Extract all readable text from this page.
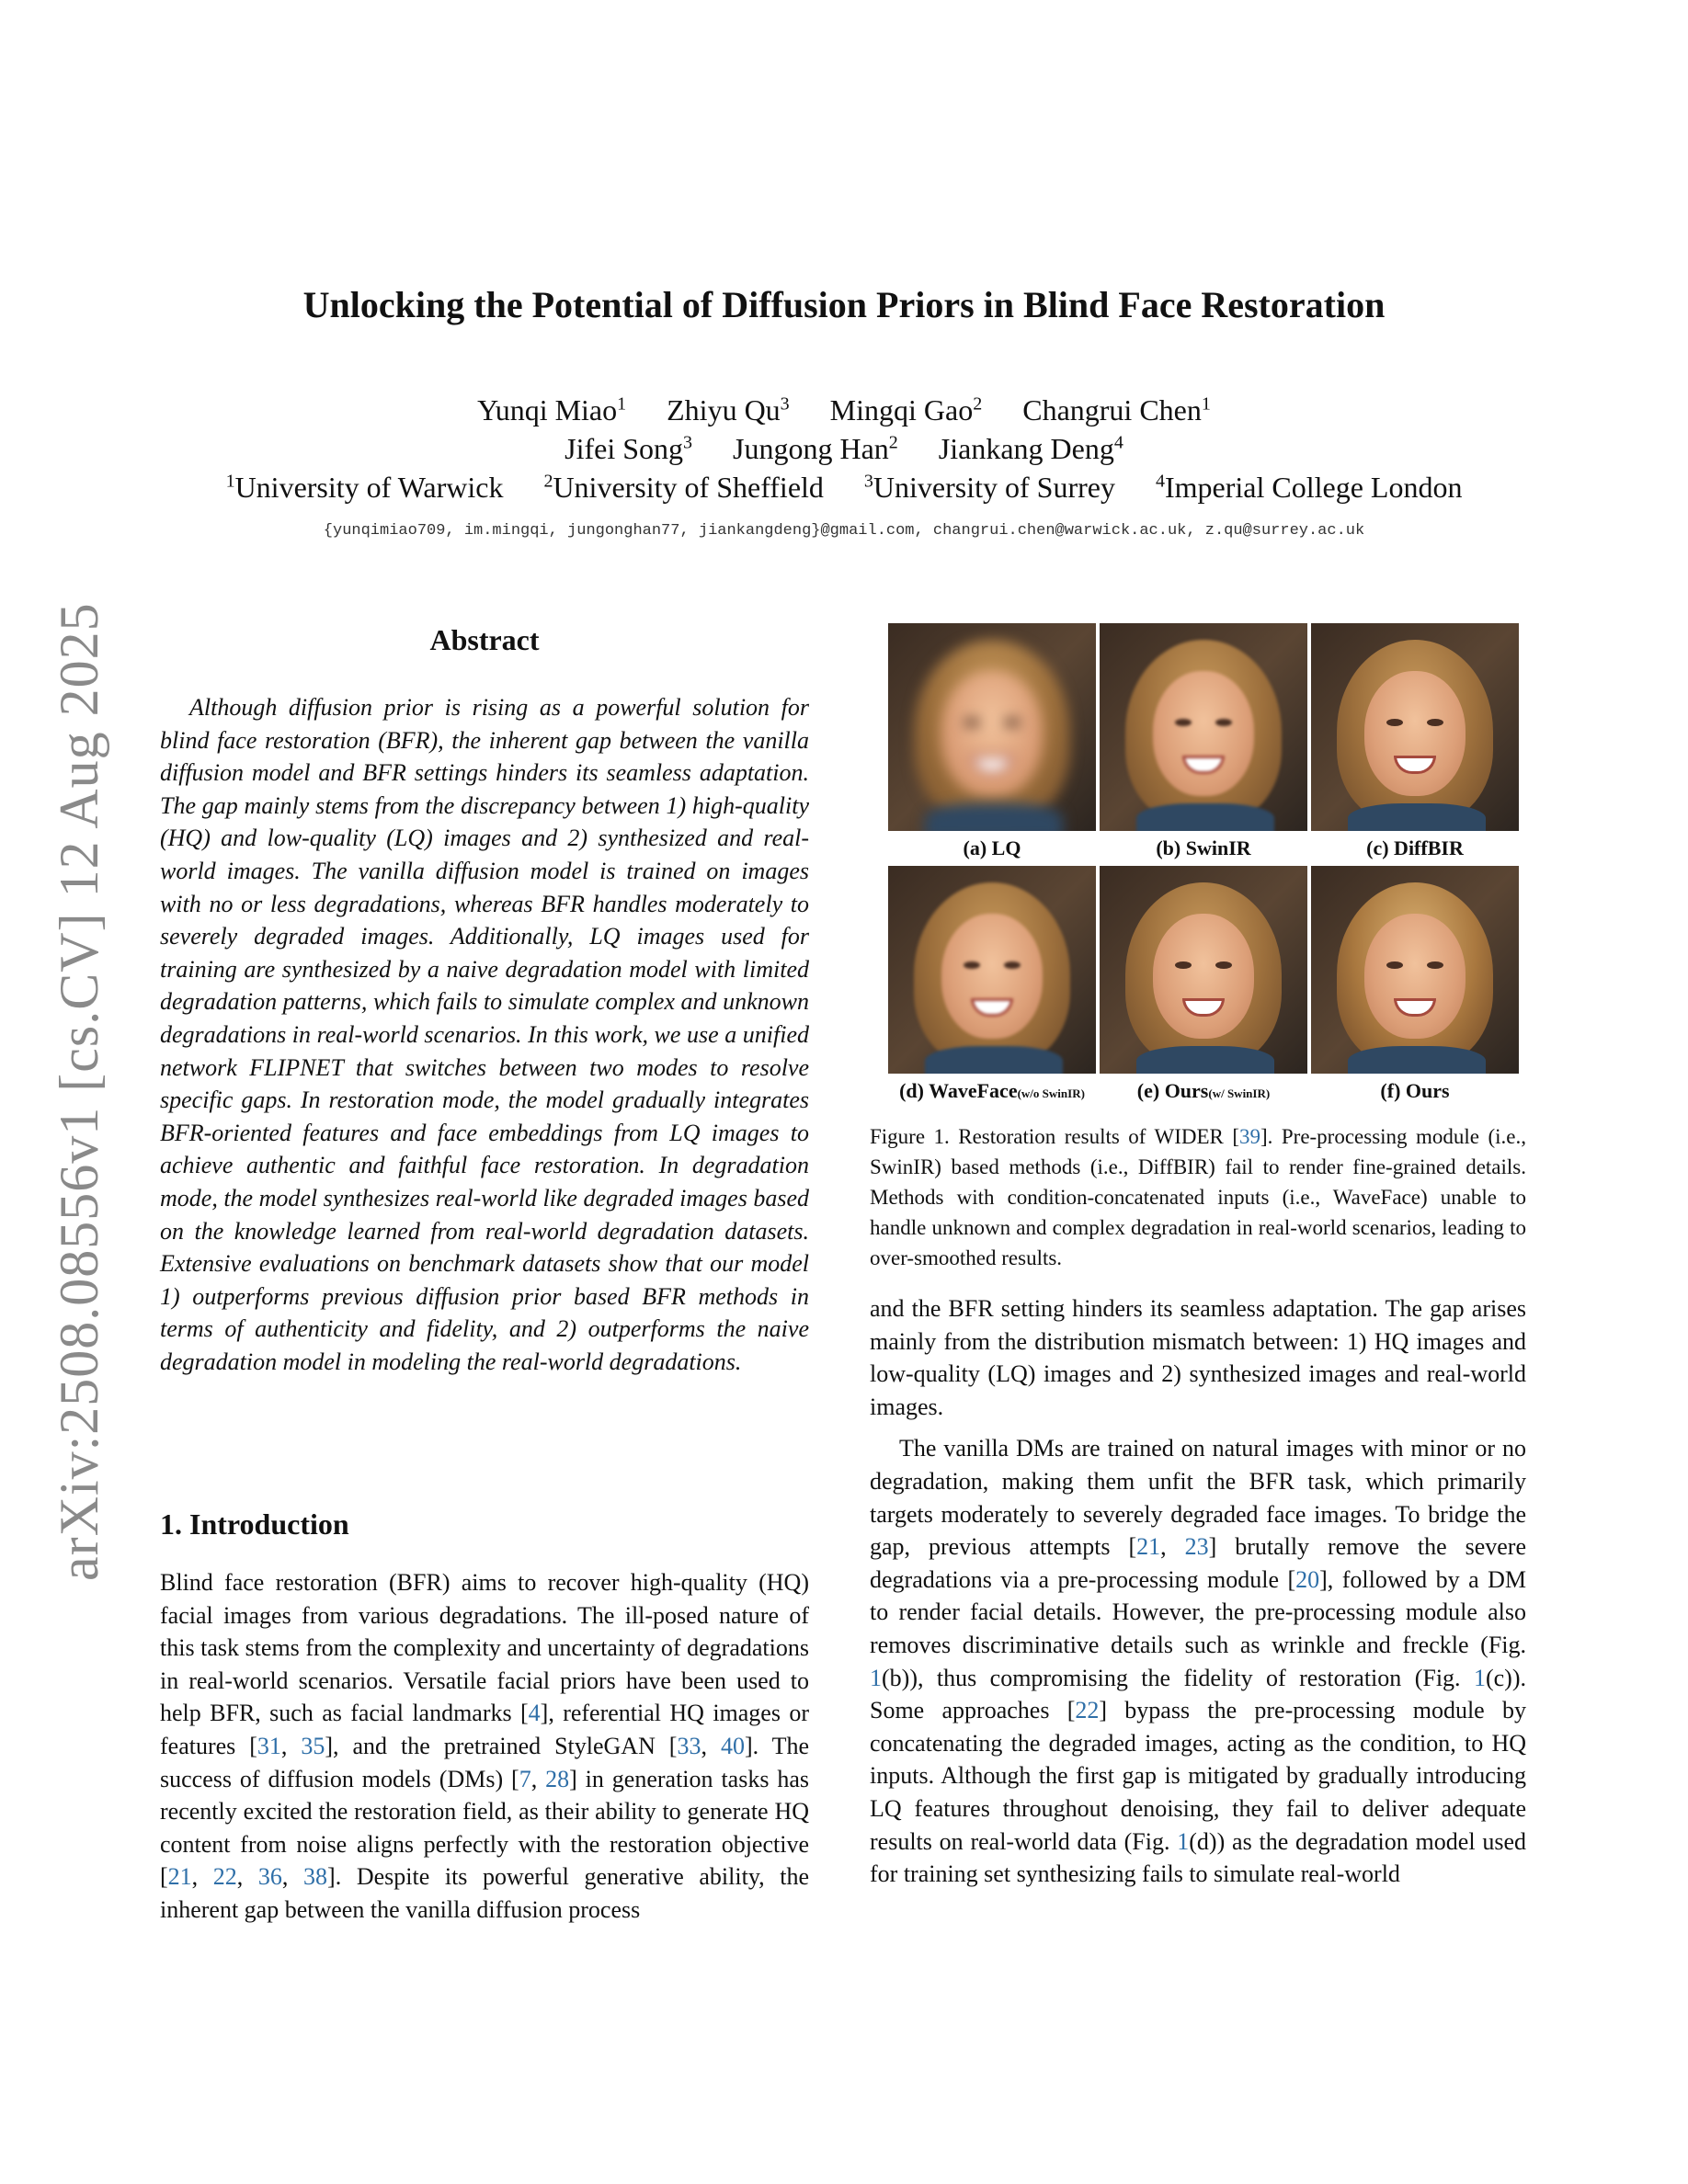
arXiv:2508.08556v1 [cs.CV] 12 Aug 2025
Unlocking the Potential of Diffusion Priors in Blind Face Restoration
Yunqi Miao$^1$ Zhiyu Qu$^3$ Mingqi Gao$^2$ Changrui Chen$^1$
Jifei Song$^3$ Jungong Han$^2$ Jiankang Deng$^4$
$^1$University of Warwick $^2$University of Sheffield $^3$University of Surrey $^4$Imperial College London
{yunqimiao709, im.mingqi, jungonghan77, jiankangdeng}@gmail.com, changrui.chen@warwick.ac.uk, z.qu@surrey.ac.uk
Abstract
Although diffusion prior is rising as a powerful solution for blind face restoration (BFR), the inherent gap between the vanilla diffusion model and BFR settings hinders its seamless adaptation. The gap mainly stems from the discrepancy between 1) high-quality (HQ) and low-quality (LQ) images and 2) synthesized and real-world images. The vanilla diffusion model is trained on images with no or less degradations, whereas BFR handles moderately to severely degraded images. Additionally, LQ images used for training are synthesized by a naive degradation model with limited degradation patterns, which fails to simulate complex and unknown degradations in real-world scenarios. In this work, we use a unified network FLIPNET that switches between two modes to resolve specific gaps. In restoration mode, the model gradually integrates BFR-oriented features and face embeddings from LQ images to achieve authentic and faithful face restoration. In degradation mode, the model synthesizes real-world like degraded images based on the knowledge learned from real-world degradation datasets. Extensive evaluations on benchmark datasets show that our model 1) outperforms previous diffusion prior based BFR methods in terms of authenticity and fidelity, and 2) outperforms the naive degradation model in modeling the real-world degradations.
1. Introduction
Blind face restoration (BFR) aims to recover high-quality (HQ) facial images from various degradations. The ill-posed nature of this task stems from the complexity and uncertainty of degradations in real-world scenarios. Versatile facial priors have been used to help BFR, such as facial landmarks [4], referential HQ images or features [31, 35], and the pretrained StyleGAN [33, 40]. The success of diffusion models (DMs) [7, 28] in generation tasks has recently excited the restoration field, as their ability to generate HQ content from noise aligns perfectly with the restoration objective [21, 22, 36, 38]. Despite its powerful generative ability, the inherent gap between the vanilla diffusion process
(a) LQ	(b) SwinIR	(c) DiffBIR
(d) WaveFace(w/o SwinIR)	(e) Ours(w/ SwinIR)	(f) Ours
Figure 1. Restoration results of WIDER [39]. Pre-processing module (i.e., SwinIR) based methods (i.e., DiffBIR) fail to render fine-grained details. Methods with condition-concatenated inputs (i.e., WaveFace) unable to handle unknown and complex degradation in real-world scenarios, leading to over-smoothed results.

and the BFR setting hinders its seamless adaptation. The gap arises mainly from the distribution mismatch between: 1) HQ images and low-quality (LQ) images and 2) synthesized images and real-world images.

The vanilla DMs are trained on natural images with minor or no degradation, making them unfit the BFR task, which primarily targets moderately to severely degraded face images. To bridge the gap, previous attempts [21, 23] brutally remove the severe degradations via a pre-processing module [20], followed by a DM to render facial details. However, the pre-processing module also removes discriminative details such as wrinkle and freckle (Fig. 1(b)), thus compromising the fidelity of restoration (Fig. 1(c)). Some approaches [22] bypass the pre-processing module by concatenating the degraded images, acting as the condition, to HQ inputs. Although the first gap is mitigated by gradually introducing LQ features throughout denoising, they fail to deliver adequate results on real-world data (Fig. 1(d)) as the degradation model used for training set synthesizing fails to simulate real-world
